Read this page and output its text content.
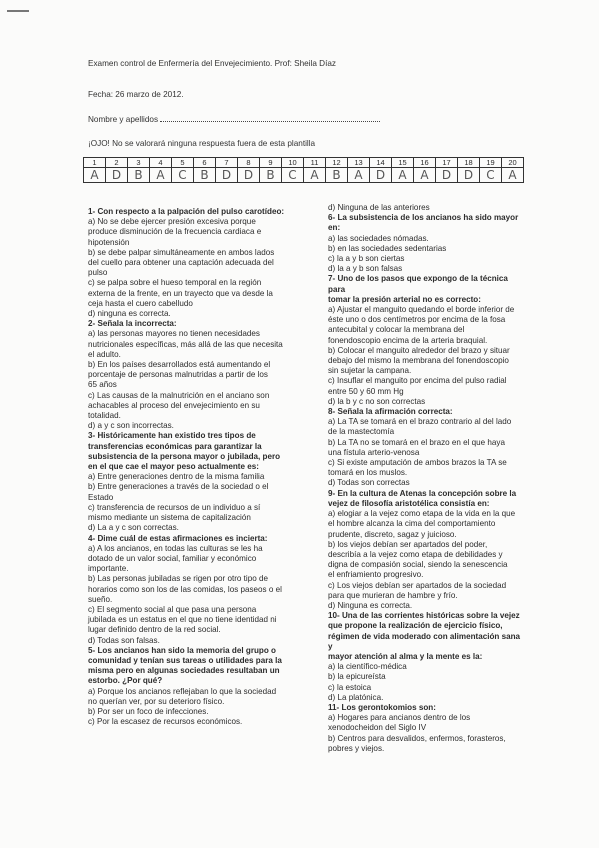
Examen control de Enfermería del Envejecimiento. Prof: Sheila Díaz
Fecha: 26 marzo de 2012.
Nombre y apellidos
¡OJO! No se valorará ninguna respuesta fuera de esta plantilla
1	2	3	4	5	6	7	8	9	10	11	12	13	14	15	16	17	18	19	20
A	D	B	A	C	B	D	D	B	C	A	B	A	D	A	A	D	D	C	A

1- Con respecto a la palpación del pulso carotídeo:

a) No se debe ejercer presión excesiva porque

produce disminución de la frecuencia cardiaca e

hipotensión

b) se debe palpar simultáneamente en ambos lados

del cuello para obtener una captación adecuada del

pulso

c) se palpa sobre el hueso temporal en la región

externa de la frente, en un trayecto que va desde la

ceja hasta el cuero cabelludo

d) ninguna es correcta.

2- Señala la incorrecta:

a) las personas mayores no tienen necesidades

nutricionales específicas, más allá de las que necesita

el adulto.

b) En los países desarrollados está aumentando el

porcentaje de personas malnutridas a partir de los

65 años

c) Las causas de la malnutrición en el anciano son

achacables al proceso del envejecimiento en su

totalidad.

d) a y c son incorrectas.

3- Históricamente han existido tres tipos de

transferencias económicas para garantizar la

subsistencia de la persona mayor o jubilada, pero

en el que cae el mayor peso actualmente es:

a) Entre generaciones dentro de la misma familia

b) Entre generaciones a través de la sociedad o el

Estado

c) transferencia de recursos de un individuo a sí

mismo mediante un sistema de capitalización

d) La a y c son correctas.

4- Dime cuál de estas afirmaciones es incierta:

a) A los ancianos, en todas las culturas se les ha

dotado de un valor social, familiar y económico

importante.

b) Las personas jubiladas se rigen por otro tipo de

horarios como son los de las comidas, los paseos o el

sueño.

c) El segmento social al que pasa una persona

jubilada es un estatus en el que no tiene identidad ni

lugar definido dentro de la red social.

d) Todas son falsas.

5- Los ancianos han sido la memoria del grupo o

comunidad y tenían sus tareas o utilidades para la

misma pero en algunas sociedades resultaban un

estorbo. ¿Por qué?

a) Porque los ancianos reflejaban lo que la sociedad

no querían ver, por su deterioro físico.

b) Por ser un foco de infecciones.

c) Por la escasez de recursos económicos.

d) Ninguna de las anteriores

6- La subsistencia de los ancianos ha sido mayor en:

a) las sociedades nómadas.

b) en las sociedades sedentarias

c) la a y b son ciertas

d) la a y b son falsas

7- Uno de los pasos que expongo de la técnica para

tomar la presión arterial no es correcto:

a) Ajustar el manguito quedando el borde inferior de

éste uno o dos centímetros por encima de la fosa

antecubital y colocar la membrana del

fonendoscopio encima de la arteria braquial.

b) Colocar el manguito alrededor del brazo y situar

debajo del mismo la membrana del fonendoscopio

sin sujetar la campana.

c) Insuflar el manguito por encima del pulso radial

entre 50 y 60 mm Hg

d) la b y c no son correctas

8- Señala la afirmación correcta:

a) La TA se tomará en el brazo contrario al del lado

de la mastectomía

b) La TA no se tomará en el brazo en el que haya

una fístula arterio-venosa

c) Si existe amputación de ambos brazos la TA se

tomará en los muslos.

d) Todas son correctas

9- En la cultura de Atenas la concepción sobre la

vejez de filosofía aristotélica consistía en:

a) elogiar a la vejez como etapa de la vida en la que

el hombre alcanza la cima del comportamiento

prudente, discreto, sagaz y juicioso.

b) los viejos debían ser apartados del poder,

describía a la vejez como etapa de debilidades y

digna de compasión social, siendo la senescencia

el enfriamiento progresivo.

c) Los viejos debían ser apartados de la sociedad

para que murieran de hambre y frío.

d) Ninguna es correcta.

10- Una de las corrientes históricas sobre la vejez

que propone la realización de ejercicio físico,

régimen de vida moderado con alimentación sana y

mayor atención al alma y la mente es la:

a) la científico-médica

b) la epicureísta

c) la estoica

d) La platónica.

11- Los gerontokomios son:

a) Hogares para ancianos dentro de los

xenodocheidon del Siglo IV

b) Centros para desvalidos, enfermos, forasteros,

pobres y viejos.
